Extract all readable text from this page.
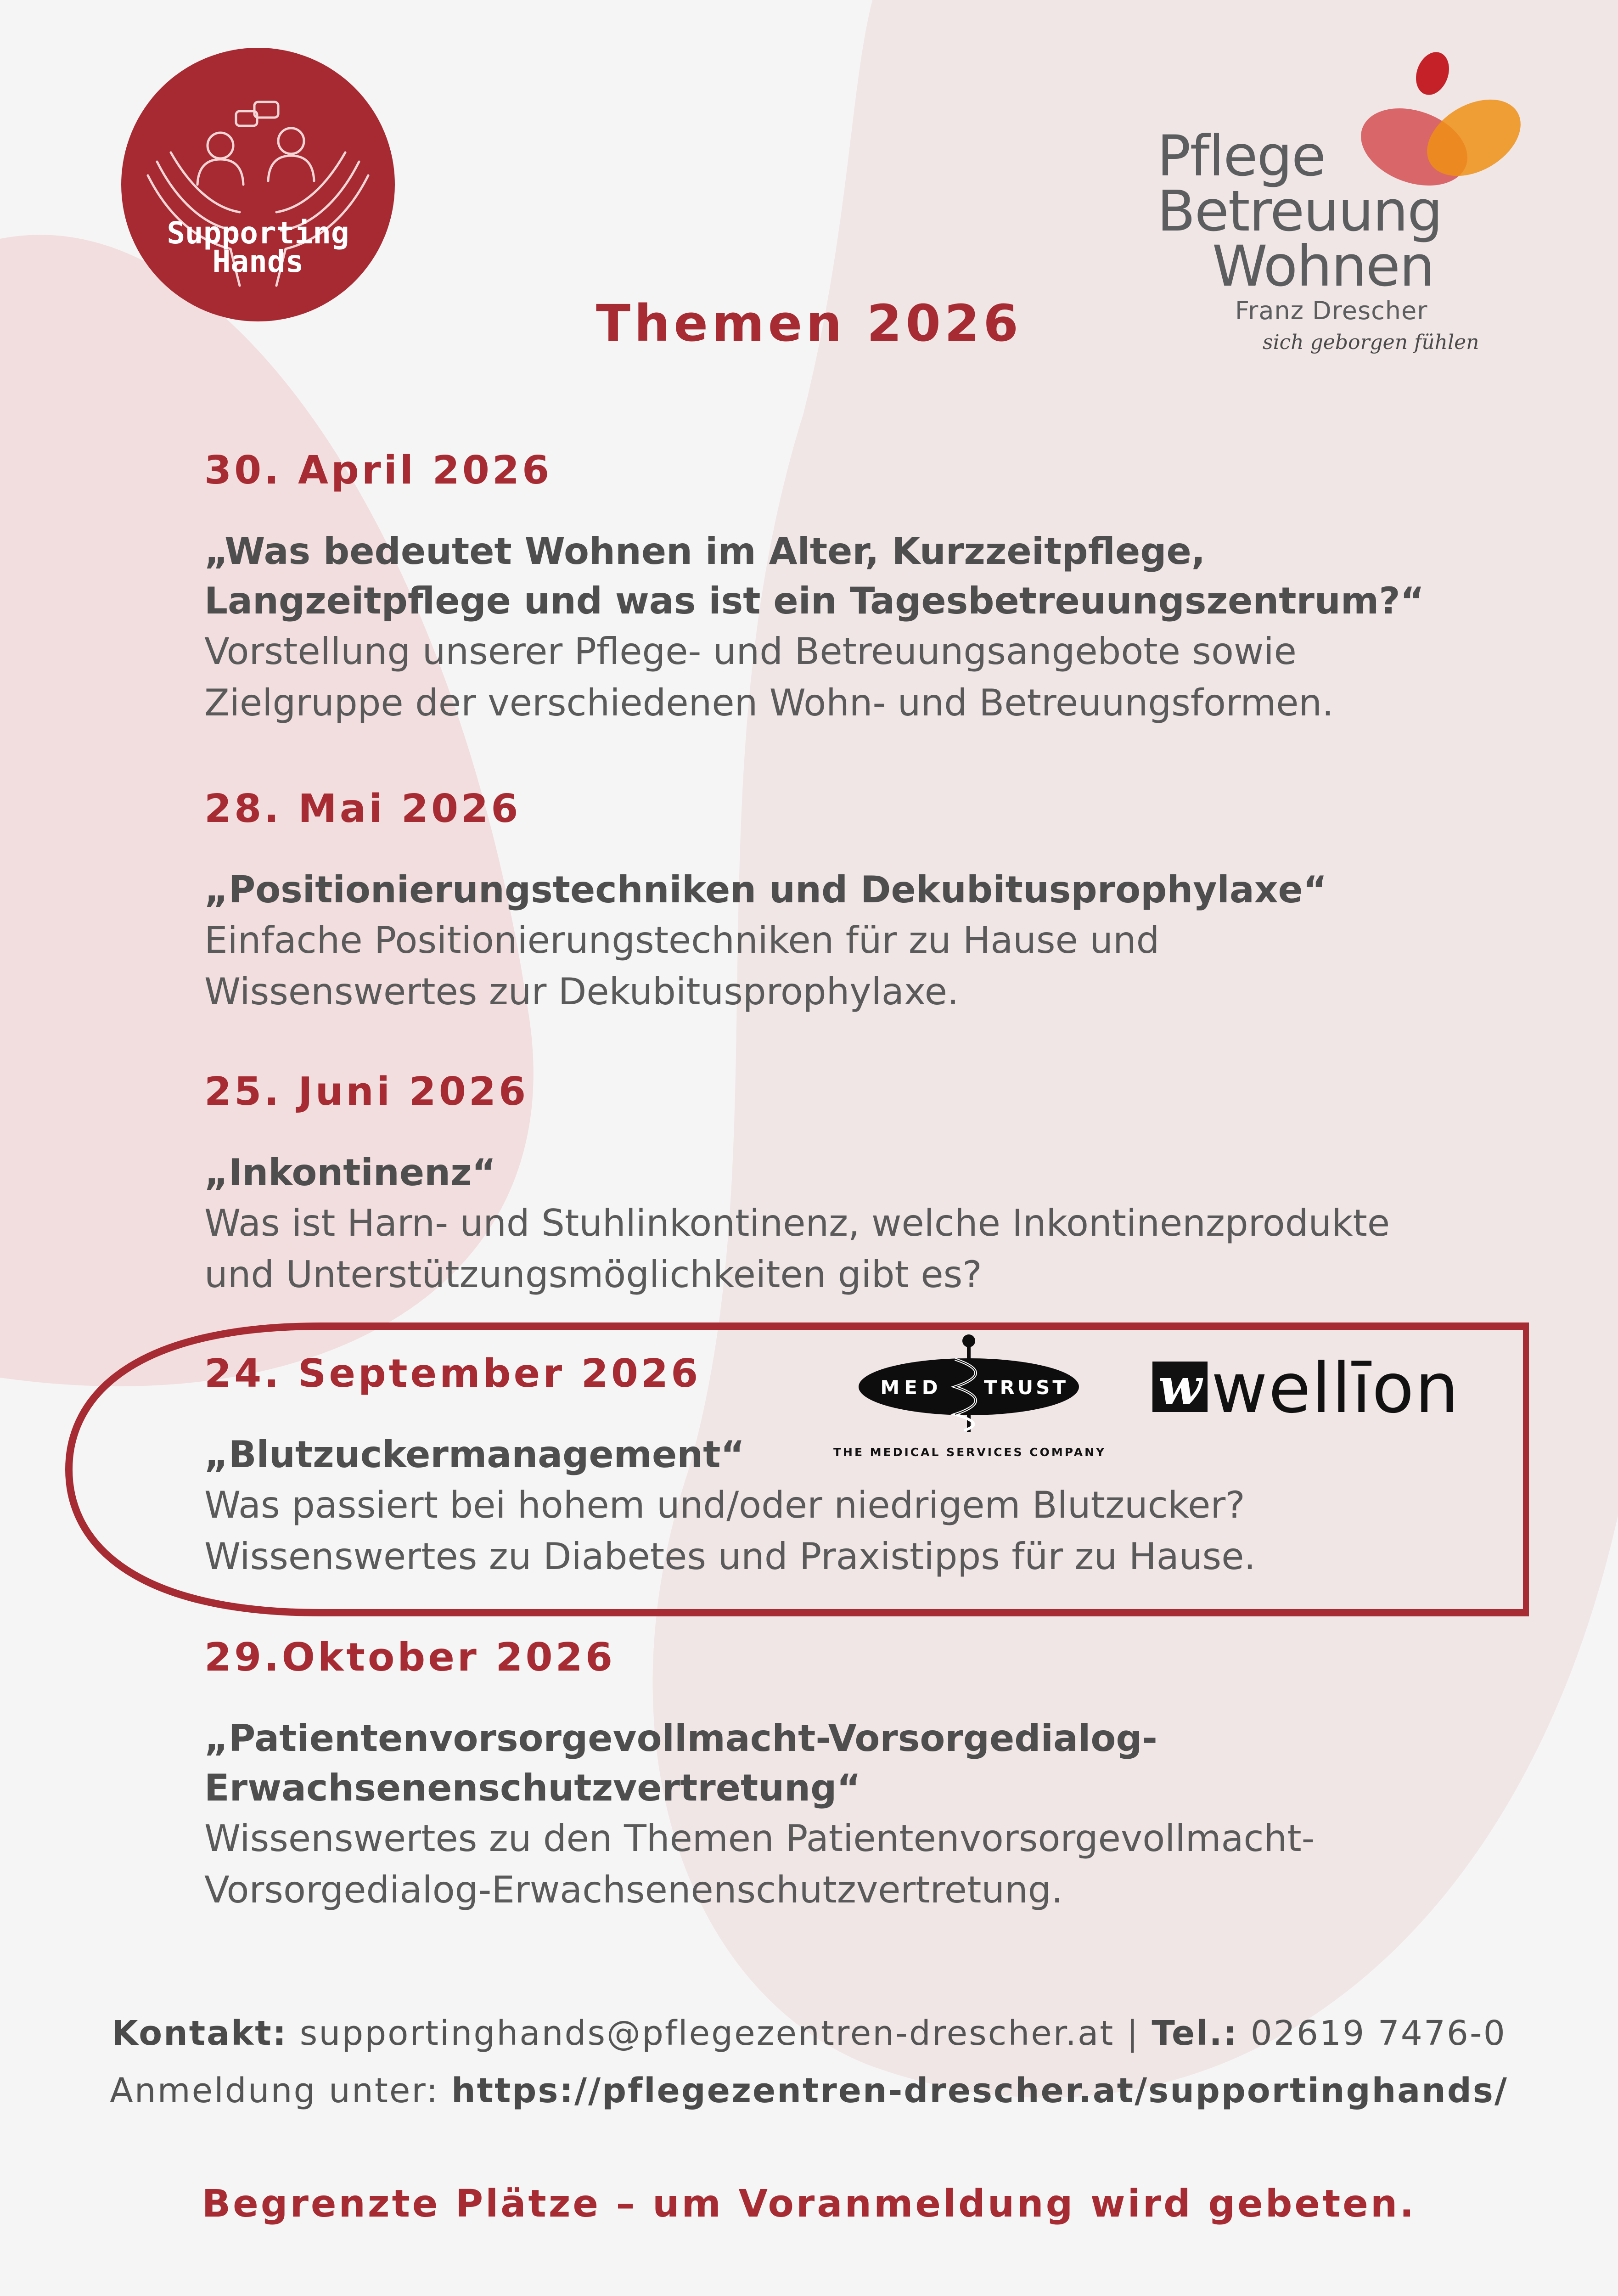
Supporting
Hands
Pflege
Betreuung
Wohnen
Franz Drescher
sich geborgen fühlen
Themen 2026
30. April 2026
„Was bedeutet Wohnen im Alter, Kurzzeitpflege,
Langzeitpflege und was ist ein Tagesbetreuungszentrum?“
Vorstellung unserer Pflege- und Betreuungsangebote sowie
Zielgruppe der verschiedenen Wohn- und Betreuungsformen.
28. Mai 2026
„Positionierungstechniken und Dekubitusprophylaxe“
Einfache Positionierungstechniken für zu Hause und
Wissenswertes zur Dekubitusprophylaxe.
25. Juni 2026
„Inkontinenz“
Was ist Harn- und Stuhlinkontinenz, welche Inkontinenzprodukte
und Unterstützungsmöglichkeiten gibt es?
24. September 2026
„Blutzuckermanagement“
Was passiert bei hohem und/oder niedrigem Blutzucker?
Wissenswertes zu Diabetes und Praxistipps für zu Hause.
MED TRUST
THE MEDICAL SERVICES COMPANY
w wellīon
29.Oktober 2026
„Patientenvorsorgevollmacht-Vorsorgedialog-
Erwachsenenschutzvertretung“
Wissenswertes zu den Themen Patientenvorsorgevollmacht-
Vorsorgedialog-Erwachsenenschutzvertretung.
Kontakt: supportinghands@pflegezentren-drescher.at | Tel.: 02619 7476-0
Anmeldung unter: https://pflegezentren-drescher.at/supportinghands/
Begrenzte Plätze – um Voranmeldung wird gebeten.
